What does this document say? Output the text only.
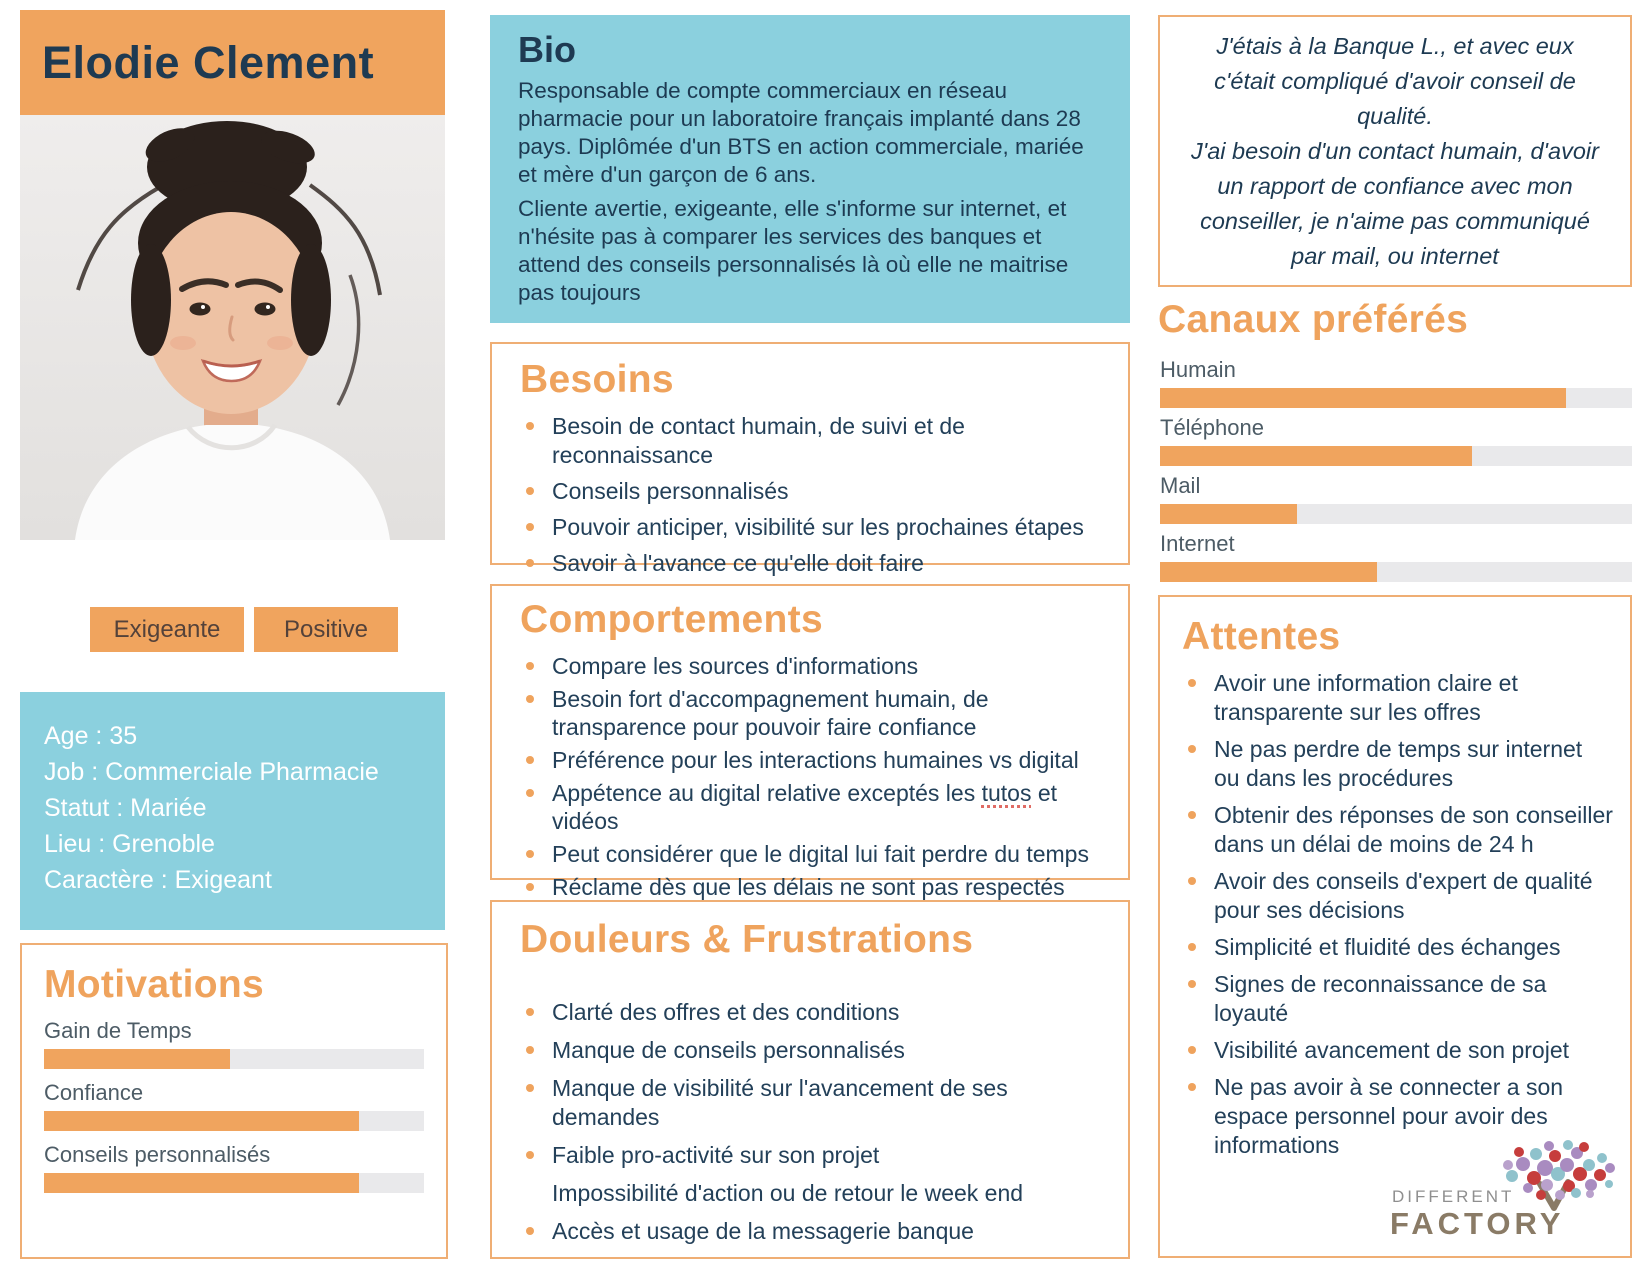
Elodie Clement
Exigeante	Positive
Age : 35
Job : Commerciale Pharmacie
Statut : Mariée
Lieu : Grenoble
Caractère : Exigeant
Motivations
Gain de Temps
Confiance
Conseils personnalisés
Bio

Responsable de compte commerciaux en réseau pharmacie pour un laboratoire français implanté dans 28 pays. Diplômée d'un BTS en action commerciale, mariée et mère d'un garçon de 6 ans.

Cliente avertie, exigeante, elle s'informe sur internet, et n'hésite pas à comparer les services des banques et attend des conseils personnalisés là où elle ne maitrise pas toujours

Besoins
Besoin de contact humain, de suivi et de reconnaissance
Conseils personnalisés
Pouvoir anticiper, visibilité sur les prochaines étapes
Savoir à l'avance ce qu'elle doit faire
Comportements
Compare les sources d'informations
Besoin fort d'accompagnement humain, de transparence pour pouvoir faire confiance
Préférence pour les interactions humaines vs digital
Appétence au digital relative exceptés les tutos et vidéos
Peut considérer que le digital lui fait perdre du temps
Réclame dès que les délais ne sont pas respectés
Douleurs & Frustrations
Clarté des offres et des conditions
Manque de conseils personnalisés
Manque de visibilité sur l'avancement de ses demandes
Faible pro-activité sur son projet
Impossibilité d'action ou de retour le week end
Accès et usage de la messagerie banque

J'étais à la Banque L., et avec eux c'était compliqué d'avoir conseil de qualité.

J'ai besoin d'un contact humain, d'avoir un rapport de confiance avec mon conseiller, je n'aime pas communiqué par mail, ou internet

Canaux préférés
Humain
Téléphone
Mail
Internet
Attentes
Avoir une information claire et transparente sur les offres
Ne pas perdre de temps sur internet ou dans les procédures
Obtenir des réponses de son conseiller dans un délai de moins de 24 h
Avoir des conseils d'expert de qualité pour ses décisions
Simplicité et fluidité des échanges
Signes de reconnaissance de sa loyauté
Visibilité avancement de son projet
Ne pas avoir à se connecter a son espace personnel pour avoir des informations
DIFFERENT
FACTORY
